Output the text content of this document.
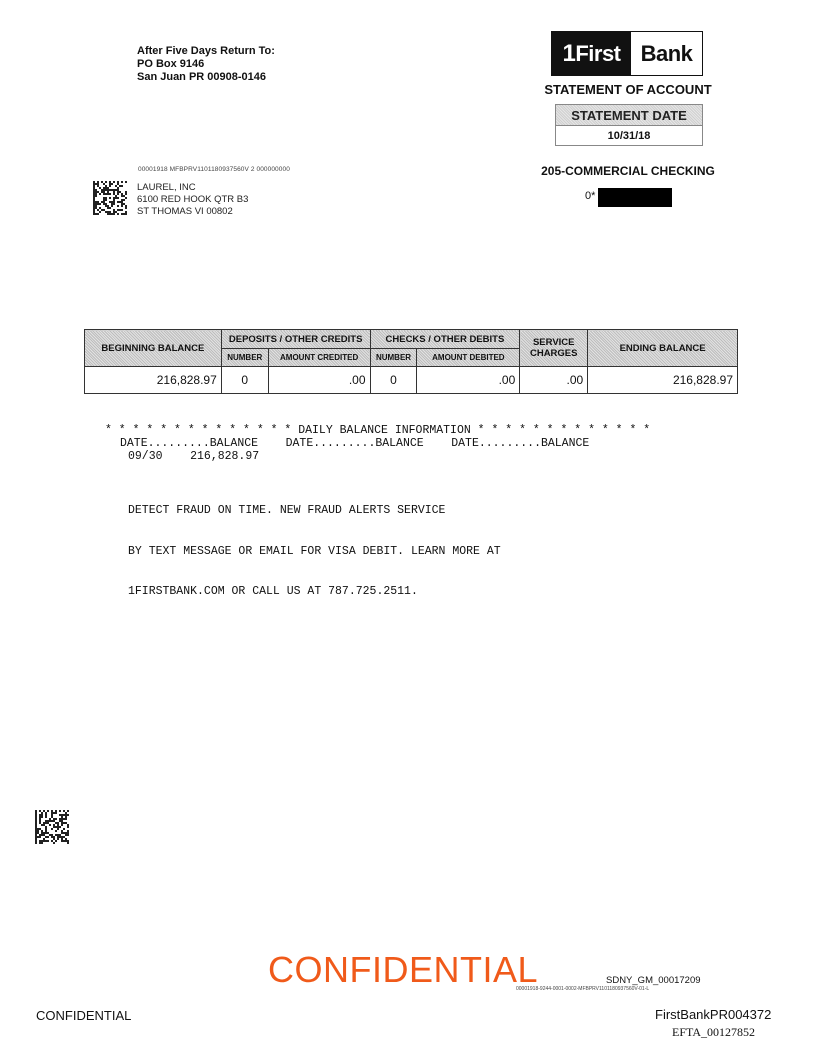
After Five Days Return To:
PO Box 9146
San Juan PR 00908-0146
1First Bank
STATEMENT OF ACCOUNT
STATEMENT DATE
10/31/18
205-COMMERCIAL CHECKING
0*
00001918 MFBPRV1101180937560V 2 000000000
LAUREL, INC
6100 RED HOOK QTR B3
ST THOMAS VI 00802
BEGINNING BALANCE	DEPOSITS / OTHER CREDITS		CHECKS / OTHER DEBITS		SERVICE
CHARGES	ENDING BALANCE
	NUMBER	AMOUNT CREDITED	NUMBER	AMOUNT DEBITED		
216,828.97	0	.00	0	.00	.00	216,828.97
* * * * * * * * * * * * * * DAILY BALANCE INFORMATION * * * * * * * * * * * * *
DATE.........BALANCE    DATE.........BALANCE    DATE.........BALANCE
09/30    216,828.97

DETECT FRAUD ON TIME. NEW FRAUD ALERTS SERVICE

BY TEXT MESSAGE OR EMAIL FOR VISA DEBIT. LEARN MORE AT

1FIRSTBANK.COM OR CALL US AT 787.725.2511.

CONFIDENTIAL	SDNY_GM_00017209
00001918-9244-0001-0002-MFBPRV1101180937560V-01-L
CONFIDENTIAL	FirstBankPR004372
EFTA_00127852
